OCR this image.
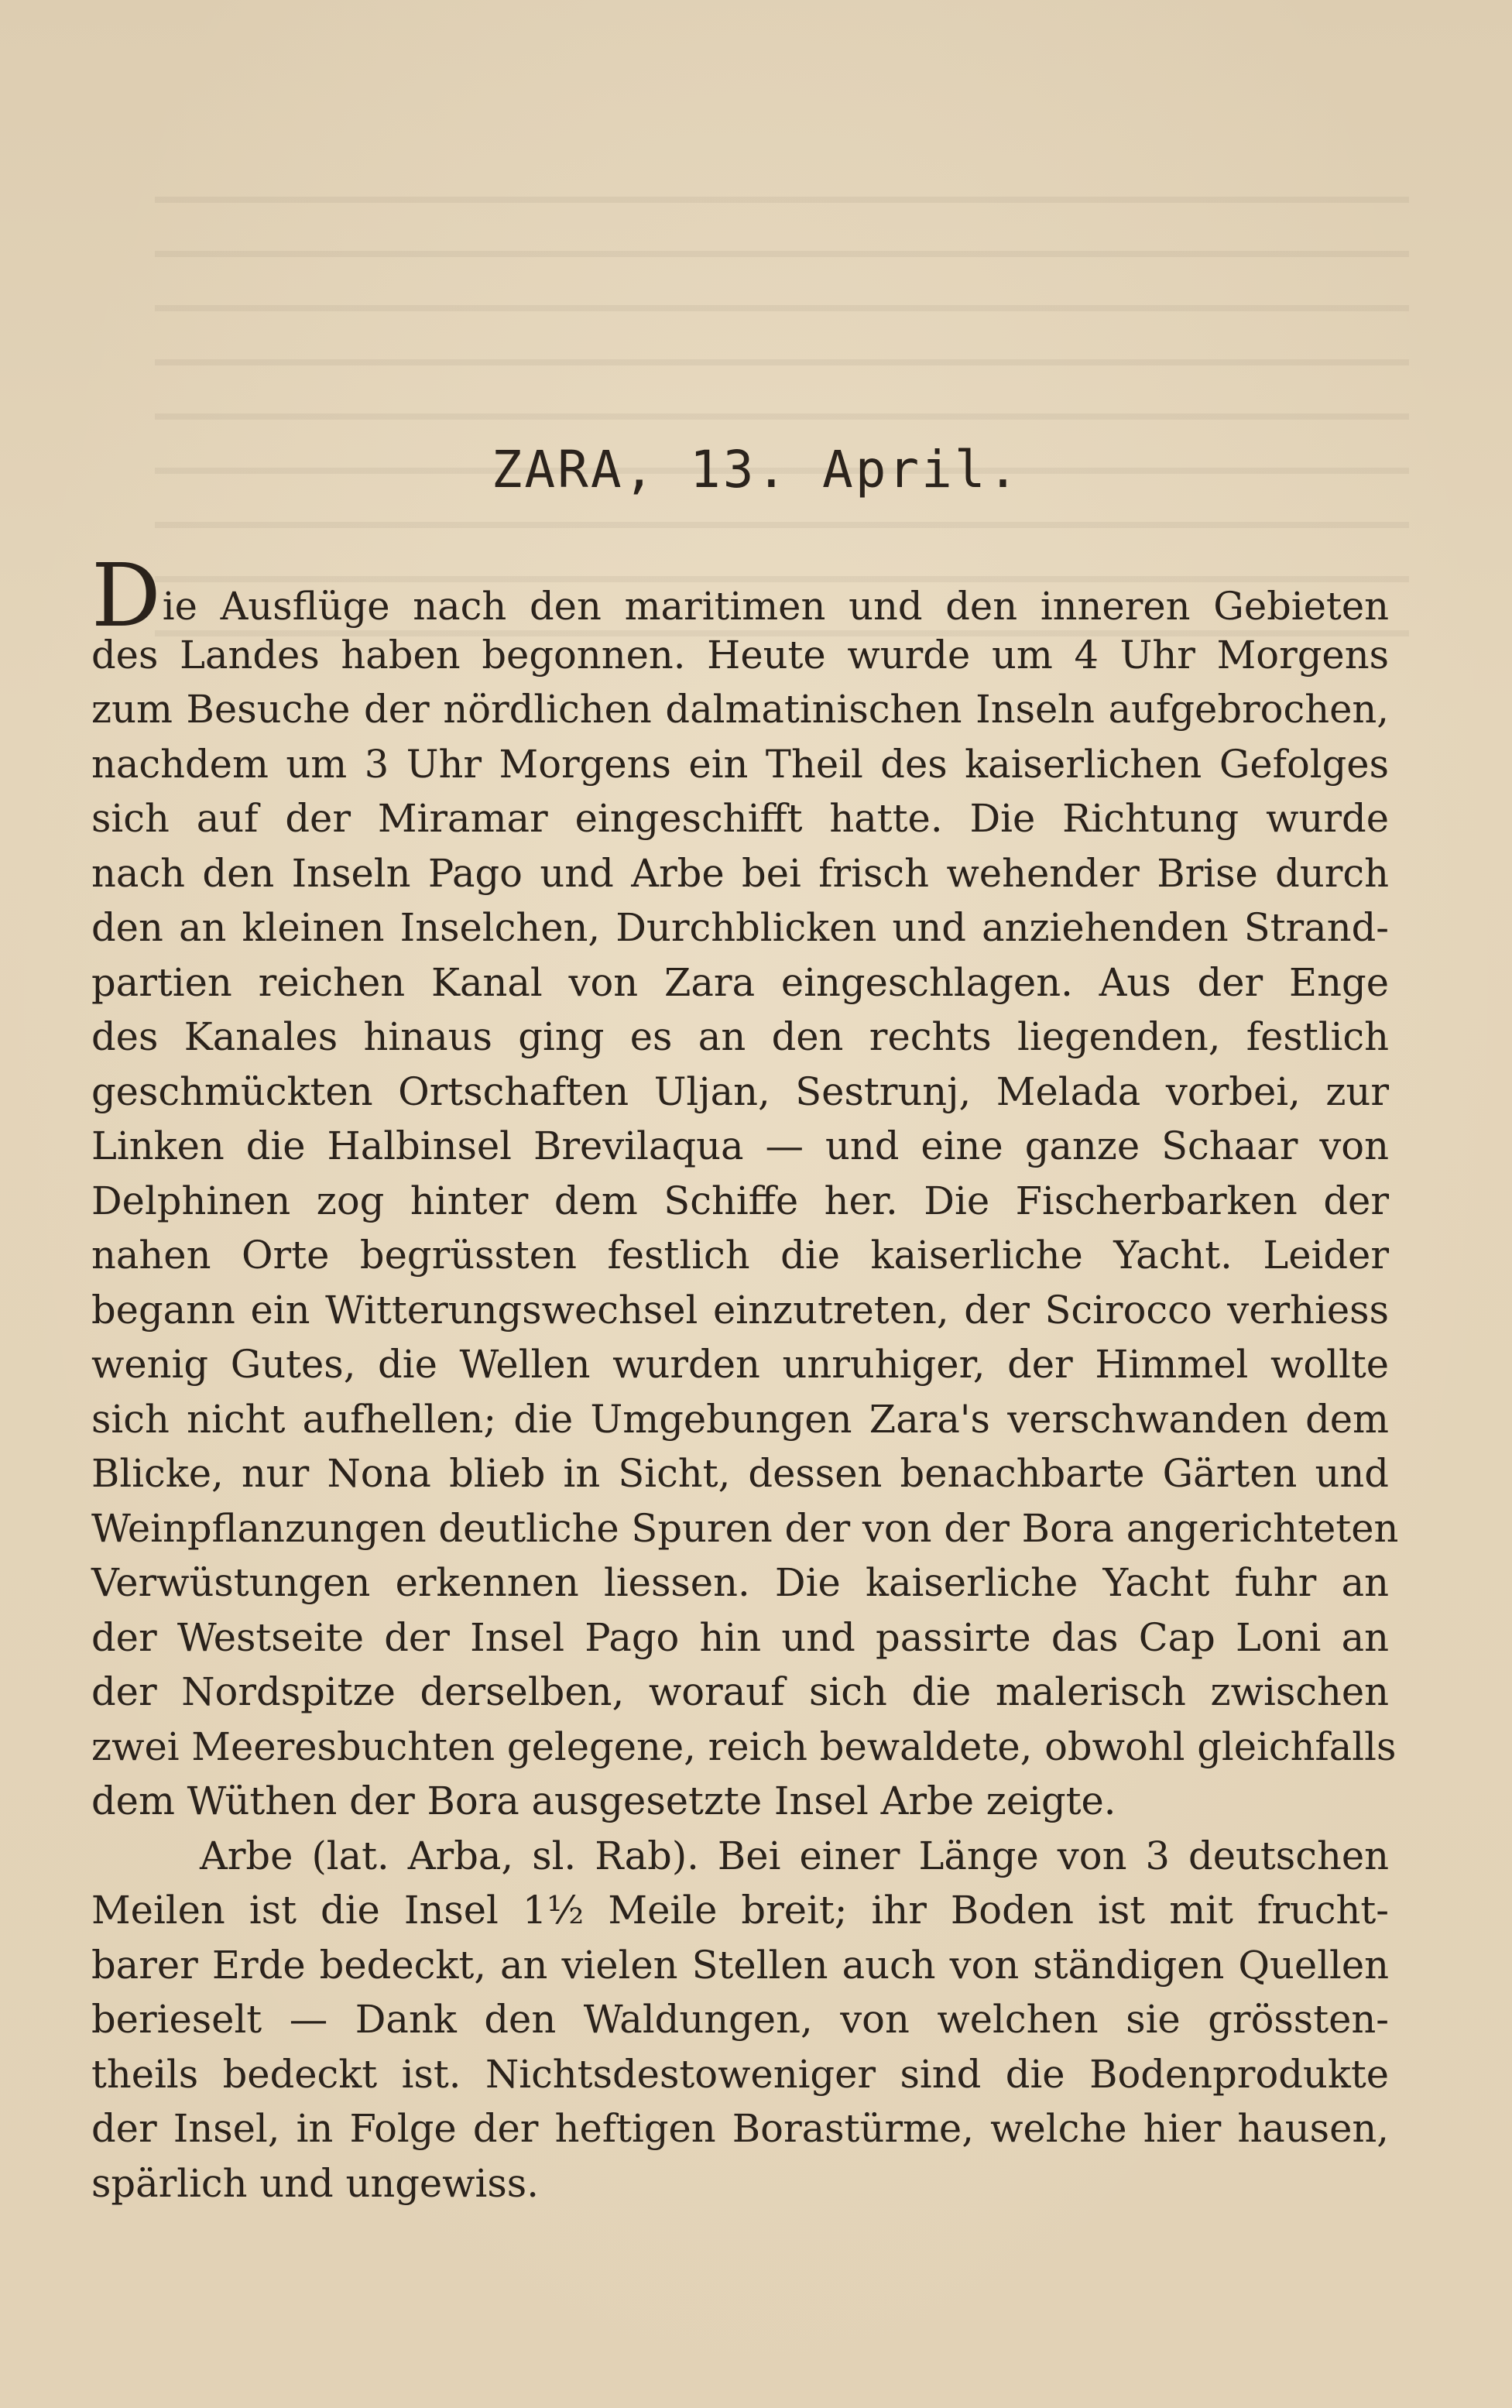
ZARA, 13. April.
Die Ausflüge nach den maritimen und den inneren Gebieten
des Landes haben begonnen. Heute wurde um 4 Uhr Morgens
zum Besuche der nördlichen dalmatinischen Inseln aufgebrochen,
nachdem um 3 Uhr Morgens ein Theil des kaiserlichen Gefolges
sich auf der Miramar eingeschifft hatte. Die Richtung wurde
nach den Inseln Pago und Arbe bei frisch wehender Brise durch
den an kleinen Inselchen, Durchblicken und anziehenden Strand-
partien reichen Kanal von Zara eingeschlagen. Aus der Enge
des Kanales hinaus ging es an den rechts liegenden, festlich
geschmückten Ortschaften Uljan, Sestrunj, Melada vorbei, zur
Linken die Halbinsel Brevilaqua — und eine ganze Schaar von
Delphinen zog hinter dem Schiffe her. Die Fischerbarken der
nahen Orte begrüssten festlich die kaiserliche Yacht. Leider
begann ein Witterungswechsel einzutreten, der Scirocco verhiess
wenig Gutes, die Wellen wurden unruhiger, der Himmel wollte
sich nicht aufhellen; die Umgebungen Zara's verschwanden dem
Blicke, nur Nona blieb in Sicht, dessen benachbarte Gärten und
Weinpflanzungen deutliche Spuren der von der Bora angerichteten
Verwüstungen erkennen liessen. Die kaiserliche Yacht fuhr an
der Westseite der Insel Pago hin und passirte das Cap Loni an
der Nordspitze derselben, worauf sich die malerisch zwischen
zwei Meeresbuchten gelegene, reich bewaldete, obwohl gleichfalls
dem Wüthen der Bora ausgesetzte Insel Arbe zeigte.
Arbe (lat. Arba, sl. Rab). Bei einer Länge von 3 deutschen
Meilen ist die Insel 1½ Meile breit; ihr Boden ist mit frucht-
barer Erde bedeckt, an vielen Stellen auch von ständigen Quellen
berieselt — Dank den Waldungen, von welchen sie grössten-
theils bedeckt ist. Nichtsdestoweniger sind die Bodenprodukte
der Insel, in Folge der heftigen Borastürme, welche hier hausen,
spärlich und ungewiss.
